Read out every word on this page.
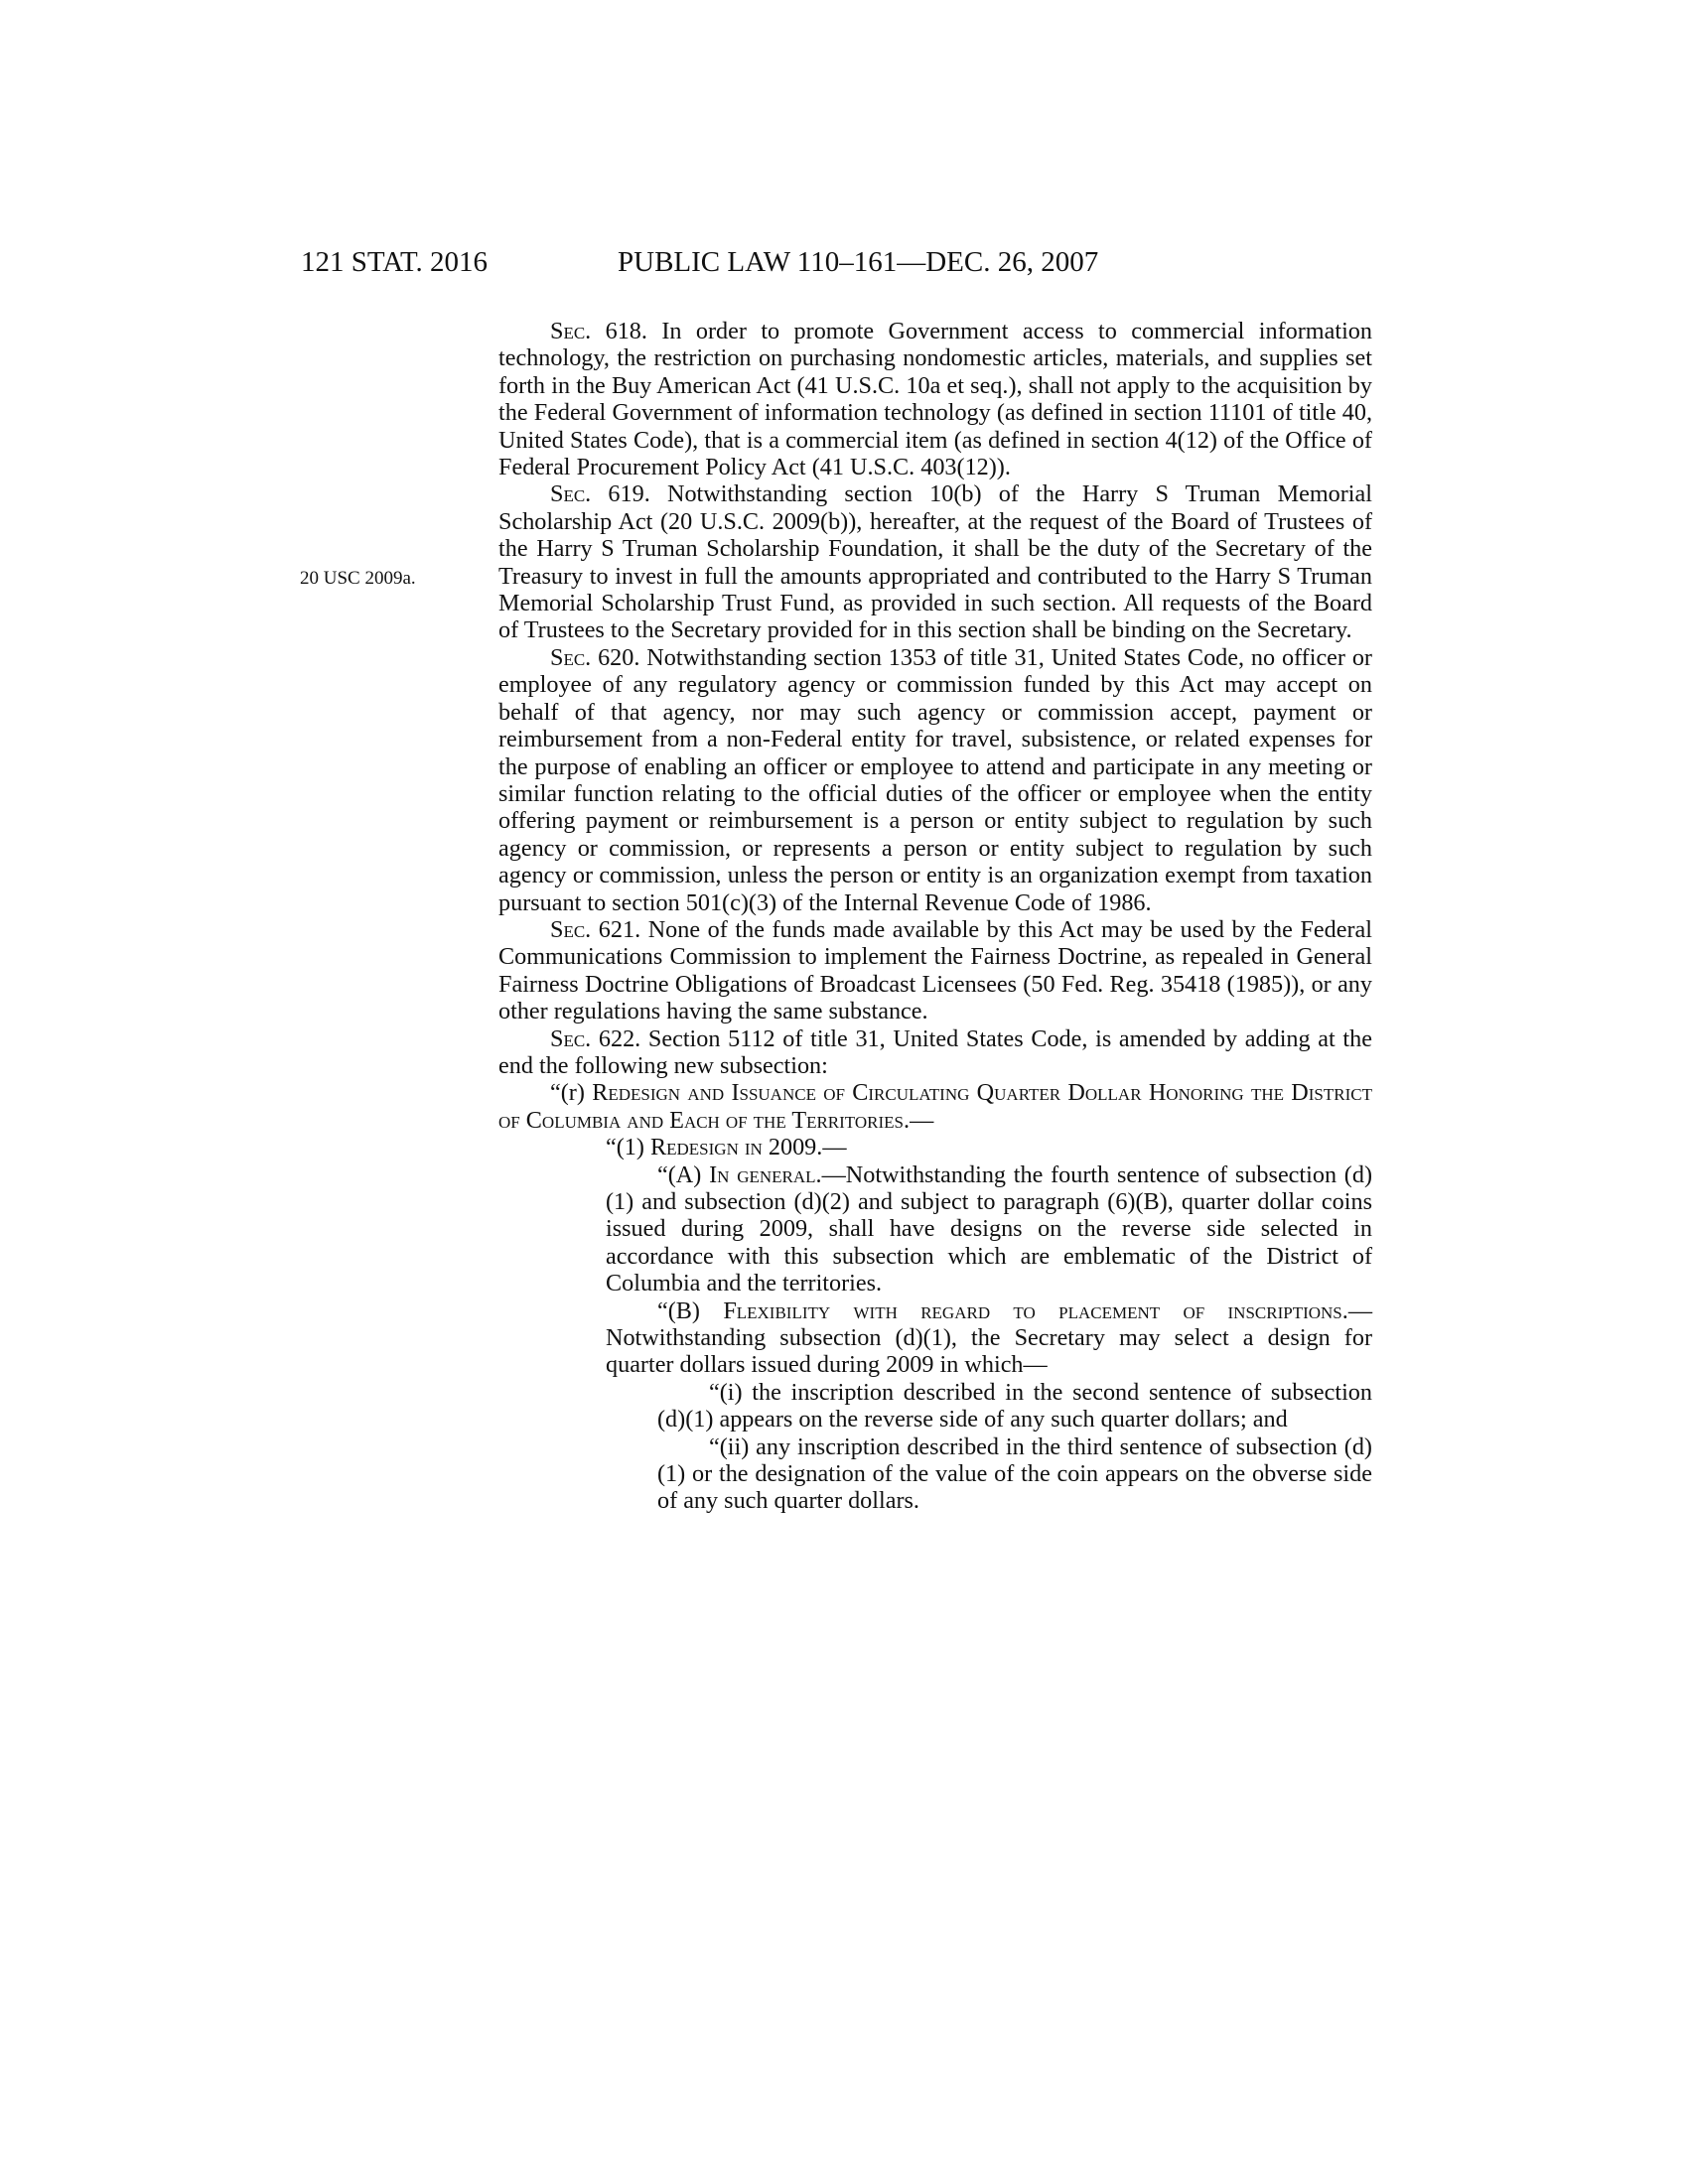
121 STAT. 2016	PUBLIC LAW 110–161—DEC. 26, 2007
20 USC 2009a.

Sec. 618. In order to promote Government access to commercial information technology, the restriction on purchasing nondomestic articles, materials, and supplies set forth in the Buy American Act (41 U.S.C. 10a et seq.), shall not apply to the acquisition by the Federal Government of information technology (as defined in section 11101 of title 40, United States Code), that is a commercial item (as defined in section 4(12) of the Office of Federal Procurement Policy Act (41 U.S.C. 403(12)).

Sec. 619. Notwithstanding section 10(b) of the Harry S Truman Memorial Scholarship Act (20 U.S.C. 2009(b)), hereafter, at the request of the Board of Trustees of the Harry S Truman Scholarship Foundation, it shall be the duty of the Secretary of the Treasury to invest in full the amounts appropriated and contributed to the Harry S Truman Memorial Scholarship Trust Fund, as provided in such section. All requests of the Board of Trustees to the Secretary provided for in this section shall be binding on the Secretary.

Sec. 620. Notwithstanding section 1353 of title 31, United States Code, no officer or employee of any regulatory agency or commission funded by this Act may accept on behalf of that agency, nor may such agency or commission accept, payment or reimbursement from a non-Federal entity for travel, subsistence, or related expenses for the purpose of enabling an officer or employee to attend and participate in any meeting or similar function relating to the official duties of the officer or employee when the entity offering payment or reimbursement is a person or entity subject to regulation by such agency or commission, or represents a person or entity subject to regulation by such agency or commission, unless the person or entity is an organization exempt from taxation pursuant to section 501(c)(3) of the Internal Revenue Code of 1986.

Sec. 621. None of the funds made available by this Act may be used by the Federal Communications Commission to implement the Fairness Doctrine, as repealed in General Fairness Doctrine Obligations of Broadcast Licensees (50 Fed. Reg. 35418 (1985)), or any other regulations having the same substance.

Sec. 622. Section 5112 of title 31, United States Code, is amended by adding at the end the following new subsection:

“(r) Redesign and Issuance of Circulating Quarter Dollar Honoring the District of Columbia and Each of the Territories.—

“(1) Redesign in 2009.—

“(A) In general.—Notwithstanding the fourth sentence of subsection (d)(1) and subsection (d)(2) and subject to paragraph (6)(B), quarter dollar coins issued during 2009, shall have designs on the reverse side selected in accordance with this subsection which are emblematic of the District of Columbia and the territories.

“(B) Flexibility with regard to placement of inscriptions.—Notwithstanding subsection (d)(1), the Secretary may select a design for quarter dollars issued during 2009 in which—

“(i) the inscription described in the second sentence of subsection (d)(1) appears on the reverse side of any such quarter dollars; and

“(ii) any inscription described in the third sentence of subsection (d)(1) or the designation of the value of the coin appears on the obverse side of any such quarter dollars.
